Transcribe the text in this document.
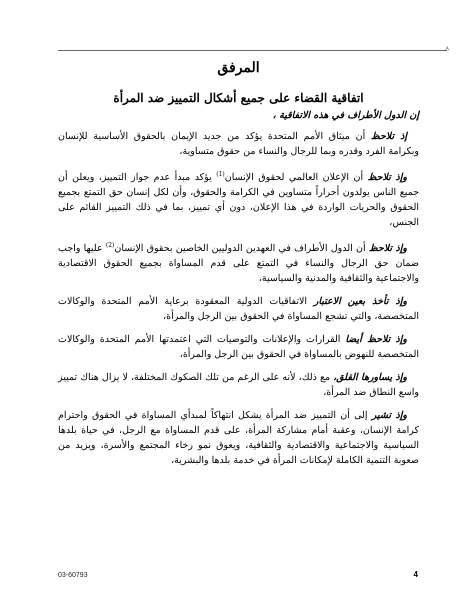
A
المرفق
اتفاقية القضاء على جميع أشكال التمييز ضد المرأة

إن الدول الأطراف في هذه الاتفاقية ،

إذ تلاحظ أن ميثاق الأمم المتحدة يؤكد من جديد الإيمان بالحقوق الأساسية للإنسان وبكرامة الفرد وقدره وبما للرجال والنساء من حقوق متساوية،

وإذ تلاحظ أن الإعلان العالمي لحقوق الإنسان$^{(1)}$ يؤكد مبدأ عدم جواز التمييز، ويعلن أن جميع الناس يولدون أحراراً متساوين في الكرامة والحقوق، وأن لكل إنسان حق التمتع بجميع الحقوق والحريات الواردة في هذا الإعلان، دون أي تمييز، بما في ذلك التمييز القائم على الجنس،

وإذ تلاحظ أن الدول الأطراف في العهدين الدوليين الخاصين بحقوق الإنسان$^{(2)}$ عليها واجب ضمان حق الرجال والنساء في التمتع على قدم المساواة بجميع الحقوق الاقتصادية والاجتماعية والثقافية والمدنية والسياسية،

وإذ تأخذ بعين الاعتبار الاتفاقيات الدولية المعقودة برعاية الأمم المتحدة والوكالات المتخصصة، والتي تشجع المساواة في الحقوق بين الرجل والمرأة،

وإذ تلاحظ أيضا القرارات والإعلانات والتوصيات التي اعتمدتها الأمم المتحدة والوكالات المتخصصة للنهوض بالمساواة في الحقوق بين الرجل والمرأة،

وإذ يساورها القلق، مع ذلك، لأنه على الرغم من تلك الصكوك المختلفة، لا يزال هناك تمييز واسع النطاق ضد المرأة،

وإذ تشير إلى أن التمييز ضد المرأة يشكل انتهاكاً لمبدأي المساواة في الحقوق واحترام كرامة الإنسان، وعقبة أمام مشاركة المرأة، على قدم المساواة مع الرجل، في حياة بلدها السياسية والاجتماعية والاقتصادية والثقافية، ويعوق نمو رخاء المجتمع والأسرة، ويزيد من صعوبة التنمية الكاملة لإمكانات المرأة في خدمة بلدها والبشرية،

03-60793	4
